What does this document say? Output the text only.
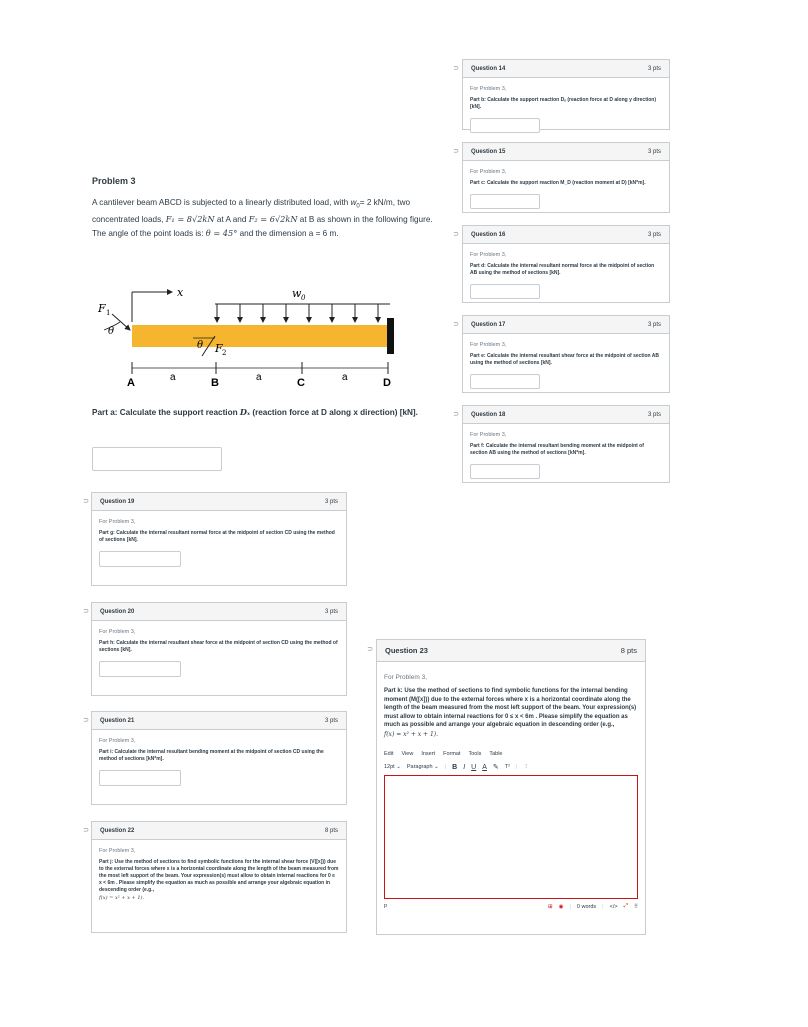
Problem 3
A cantilever beam ABCD is subjected to a linearly distributed load, with $w_0= 2$ kN/m, two concentrated loads, F₁ = 8√2kN at A and F₂ = 6√2kN at B as shown in the following figure. The angle of the point loads is: θ = 45° and the dimension a = 6 m.
x	w 0
F 1
θ
θ F 2
a	a	a
A	B	C	D
Part a: Calculate the support reaction Dₓ (reaction force at D along x direction) [kN].
⊃ Question 14	3 pts
For Problem 3,
Part b: Calculate the support reaction Dᵧ (reaction force at D along y direction) [kN].
⊃ Question 15	3 pts
For Problem 3,
Part c: Calculate the support reaction M_D (reaction moment at D) [kN*m].
⊃ Question 16	3 pts
For Problem 3,
Part d: Calculate the internal resultant normal force at the midpoint of section AB using the method of sections [kN].
⊃ Question 17	3 pts
For Problem 3,
Part e: Calculate the internal resultant shear force at the midpoint of section AB using the method of sections [kN].
⊃ Question 18	3 pts
For Problem 3,
Part f: Calculate the internal resultant bending moment at the midpoint of section AB using the method of sections [kN*m].
⊃ Question 19	3 pts
For Problem 3,
Part g: Calculate the internal resultant normal force at the midpoint of section CD using the method of sections [kN].
⊃ Question 20	3 pts
For Problem 3,
Part h: Calculate the internal resultant shear force at the midpoint of section CD using the method of sections [kN].
⊃ Question 21	3 pts
For Problem 3,
Part i: Calculate the internal resultant bending moment at the midpoint of section CD using the method of sections [kN*m].
⊃ Question 22	8 pts
For Problem 3,
Part j: Use the method of sections to find symbolic functions for the internal shear force (V([x])) due to the external forces where x is a horizontal coordinate along the length of the beam measured from the most left support of the beam. Your expression(s) must allow to obtain internal reactions for 0 ≤ x < 6m . Please simplify the equation as much as possible and arrange your algebraic equation in descending order (e.g.,
f(x) = x² + x + 1).
⊃ Question 23	8 pts
For Problem 3,
Part k: Use the method of sections to find symbolic functions for the internal bending moment (M([x])) due to the external forces where x is a horizontal coordinate along the length of the beam measured from the most left support of the beam. Your expression(s) must allow to obtain internal reactions for 0 ≤ x < 6m . Please simplify the equation as much as possible and arrange your algebraic equation in descending order (e.g.,
f(x) = x² + x + 1).
Edit View Insert Format Tools Table
12pt ⌄ Paragraph ⌄ | B I U A ✎ T² | ⋮
p	⊞ ◉ | 0 words | </> ⤢ ⠿
